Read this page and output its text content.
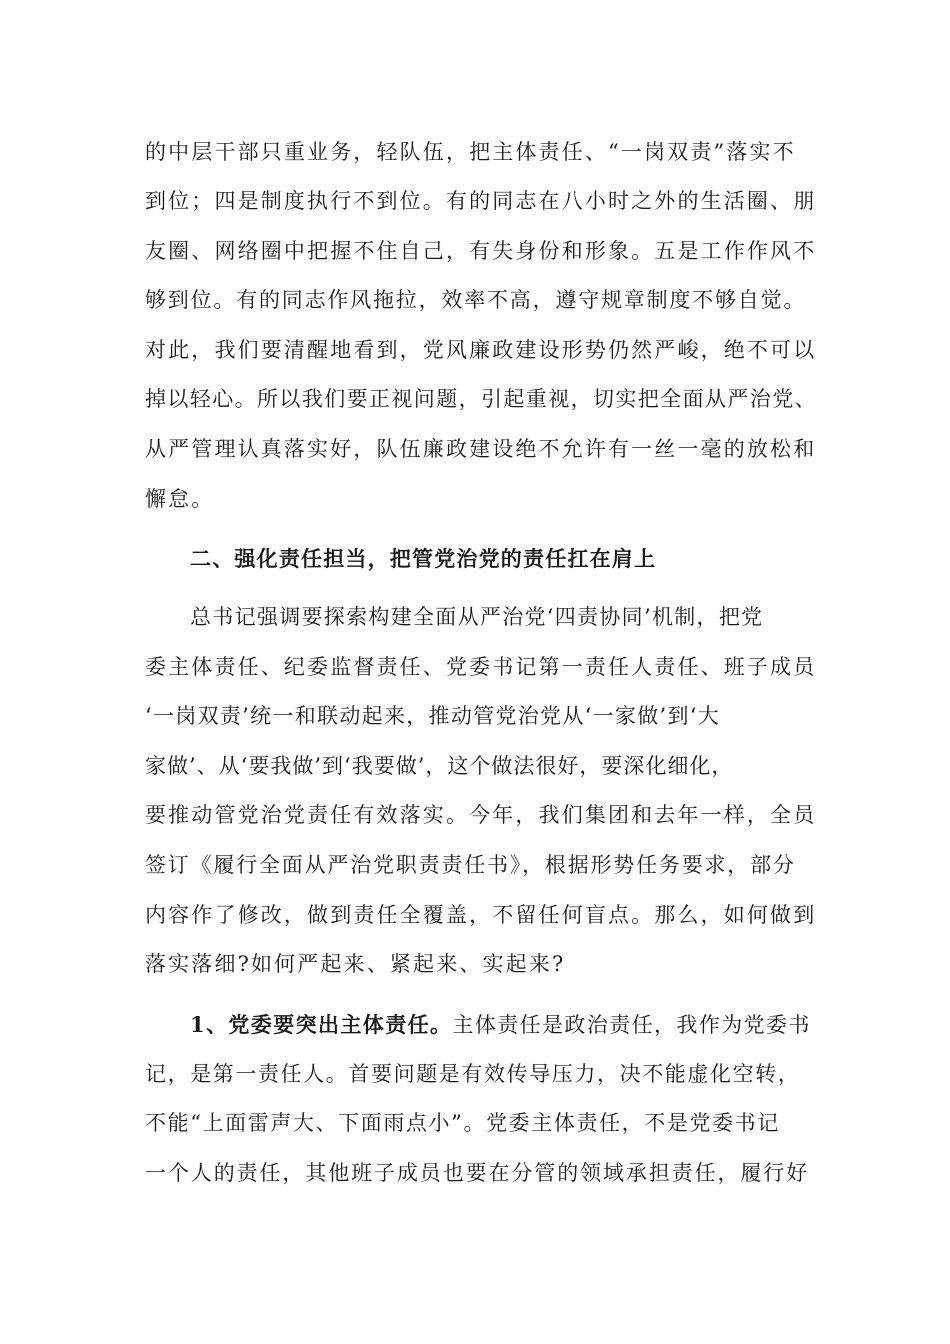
的中层干部只重业务，轻队伍，把主体责任、“一岗双责”落实不
到位；四是制度执行不到位。有的同志在八小时之外的生活圈、朋
友圈、网络圈中把握不住自己，有失身份和形象。五是工作作风不
够到位。有的同志作风拖拉，效率不高，遵守规章制度不够自觉。
对此，我们要清醒地看到，党风廉政建设形势仍然严峻，绝不可以
掉以轻心。所以我们要正视问题，引起重视，切实把全面从严治党、
从严管理认真落实好，队伍廉政建设绝不允许有一丝一毫的放松和
懈怠。
二、强化责任担当，把管党治党的责任扛在肩上
总书记强调要探索构建全面从严治党‘四责协同’机制，把党
委主体责任、纪委监督责任、党委书记第一责任人责任、班子成员
‘一岗双责’统一和联动起来，推动管党治党从‘一家做’到‘大
家做’、从‘要我做’到‘我要做’，这个做法很好，要深化细化，
要推动管党治党责任有效落实。今年，我们集团和去年一样，全员
签订《履行全面从严治党职责责任书》，根据形势任务要求，部分
内容作了修改，做到责任全覆盖，不留任何盲点。那么，如何做到
落实落细?如何严起来、紧起来、实起来?
1、党委要突出主体责任。主体责任是政治责任，我作为党委书
记，是第一责任人。首要问题是有效传导压力，决不能虚化空转，
不能“上面雷声大、下面雨点小”。党委主体责任，不是党委书记
一个人的责任，其他班子成员也要在分管的领域承担责任，履行好
